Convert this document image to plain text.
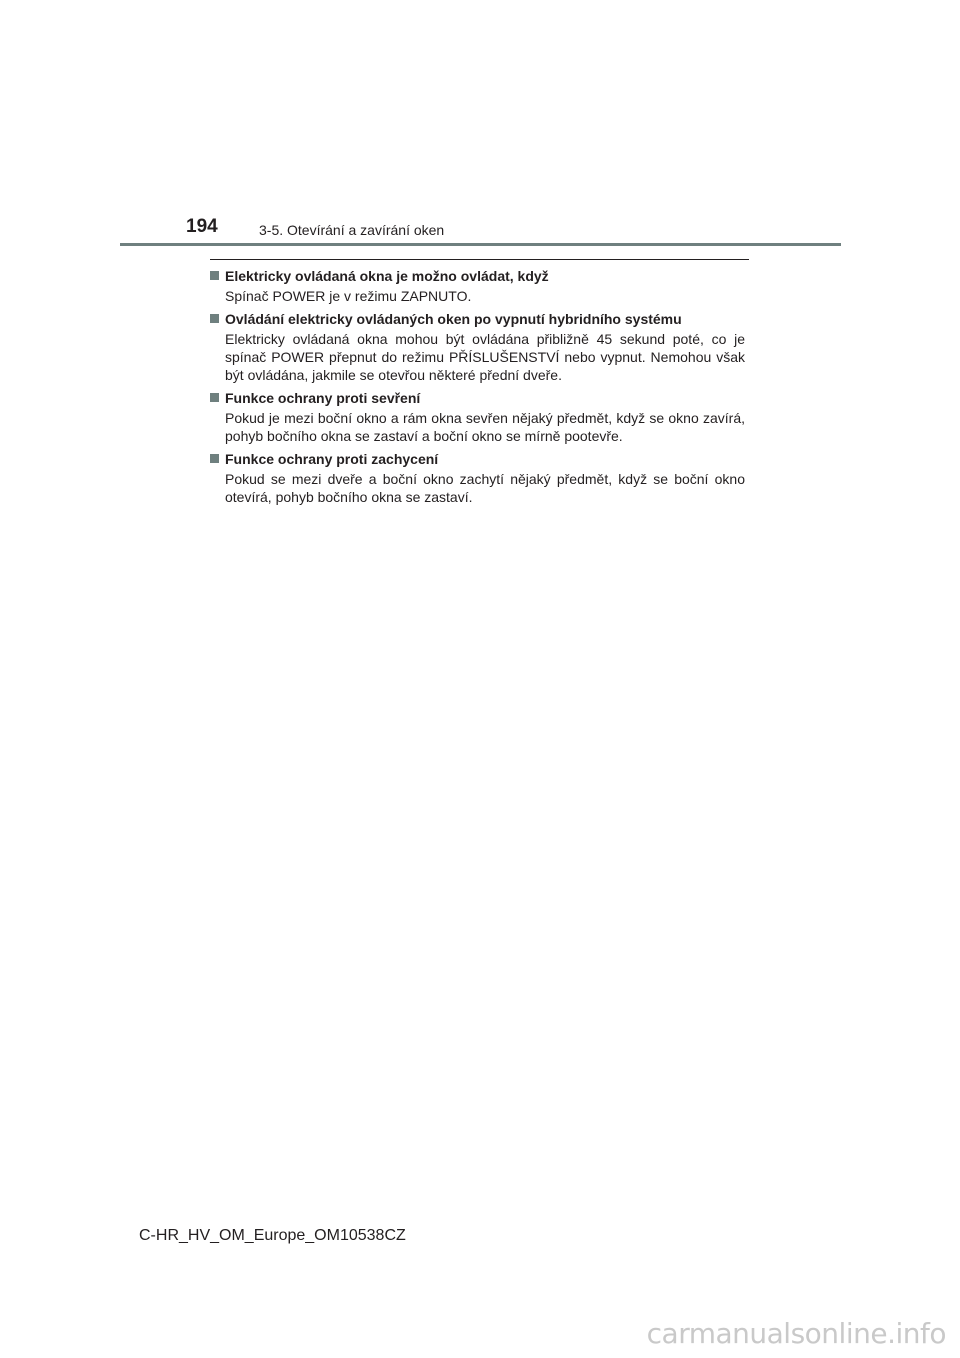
194	3-5. Otevírání a zavírání oken
Elektricky ovládaná okna je možno ovládat, když
Spínač POWER je v režimu ZAPNUTO.
Ovládání elektricky ovládaných oken po vypnutí hybridního systému
Elektricky ovládaná okna mohou být ovládána přibližně 45 sekund poté, co je spínač POWER přepnut do režimu PŘÍSLUŠENSTVÍ nebo vypnut. Nemohou však být ovládána, jakmile se otevřou některé přední dveře.
Funkce ochrany proti sevření
Pokud je mezi boční okno a rám okna sevřen nějaký předmět, když se okno zavírá, pohyb bočního okna se zastaví a boční okno se mírně pootevře.
Funkce ochrany proti zachycení
Pokud se mezi dveře a boční okno zachytí nějaký předmět, když se boční okno otevírá, pohyb bočního okna se zastaví.
C-HR_HV_OM_Europe_OM10538CZ
carmanualsonline.info
